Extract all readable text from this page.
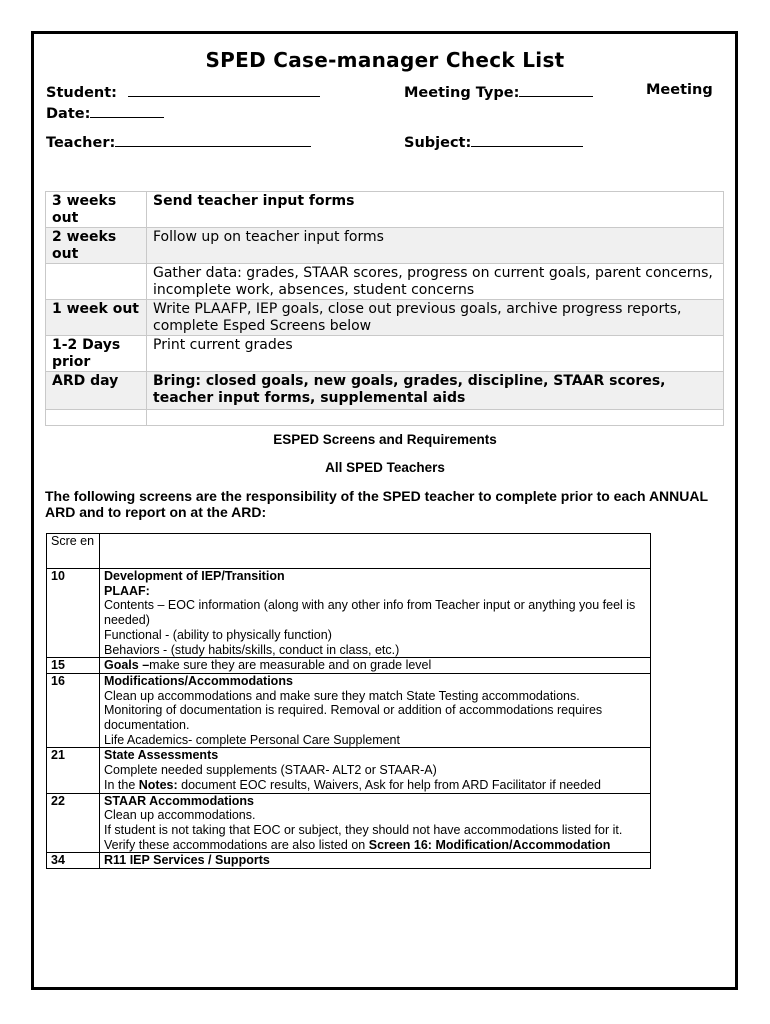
SPED Case-manager Check List
Student:	Meeting Type:	Meeting
Date:
Teacher:	Subject:
3 weeks out	Send teacher input forms
2 weeks out	Follow up on teacher input forms
	Gather data: grades, STAAR scores, progress on current goals, parent concerns, incomplete work, absences, student concerns
1 week out	Write PLAAFP, IEP goals, close out previous goals, archive progress reports, complete Esped Screens below
1-2 Days prior	Print current grades
ARD day	Bring: closed goals, new goals, grades, discipline, STAAR scores, teacher input forms, supplemental aids

ESPED Screens and Requirements
All SPED Teachers
The following screens are the responsibility of the SPED teacher to complete prior to each ANNUAL ARD and to report on at the ARD:
Scre en	
10	Development of IEP/Transition
PLAAF:
Contents – EOC information (along with any other info from Teacher input or anything you feel is needed)
Functional - (ability to physically function)
Behaviors - (study habits/skills, conduct in class, etc.)

15	Goals –make sure they are measurable and on grade level
16	Modifications/Accommodations
Clean up accommodations and make sure they match State Testing accommodations.
Monitoring of documentation is required. Removal or addition of accommodations requires documentation.
Life Academics- complete Personal Care Supplement

21	State Assessments
Complete needed supplements (STAAR- ALT2 or STAAR-A)
In the Notes: document EOC results, Waivers, Ask for help from ARD Facilitator if needed

22	STAAR Accommodations
Clean up accommodations.
If student is not taking that EOC or subject, they should not have accommodations listed for it.
Verify these accommodations are also listed on Screen 16: Modification/Accommodation

34	R11 IEP Services / Supports
